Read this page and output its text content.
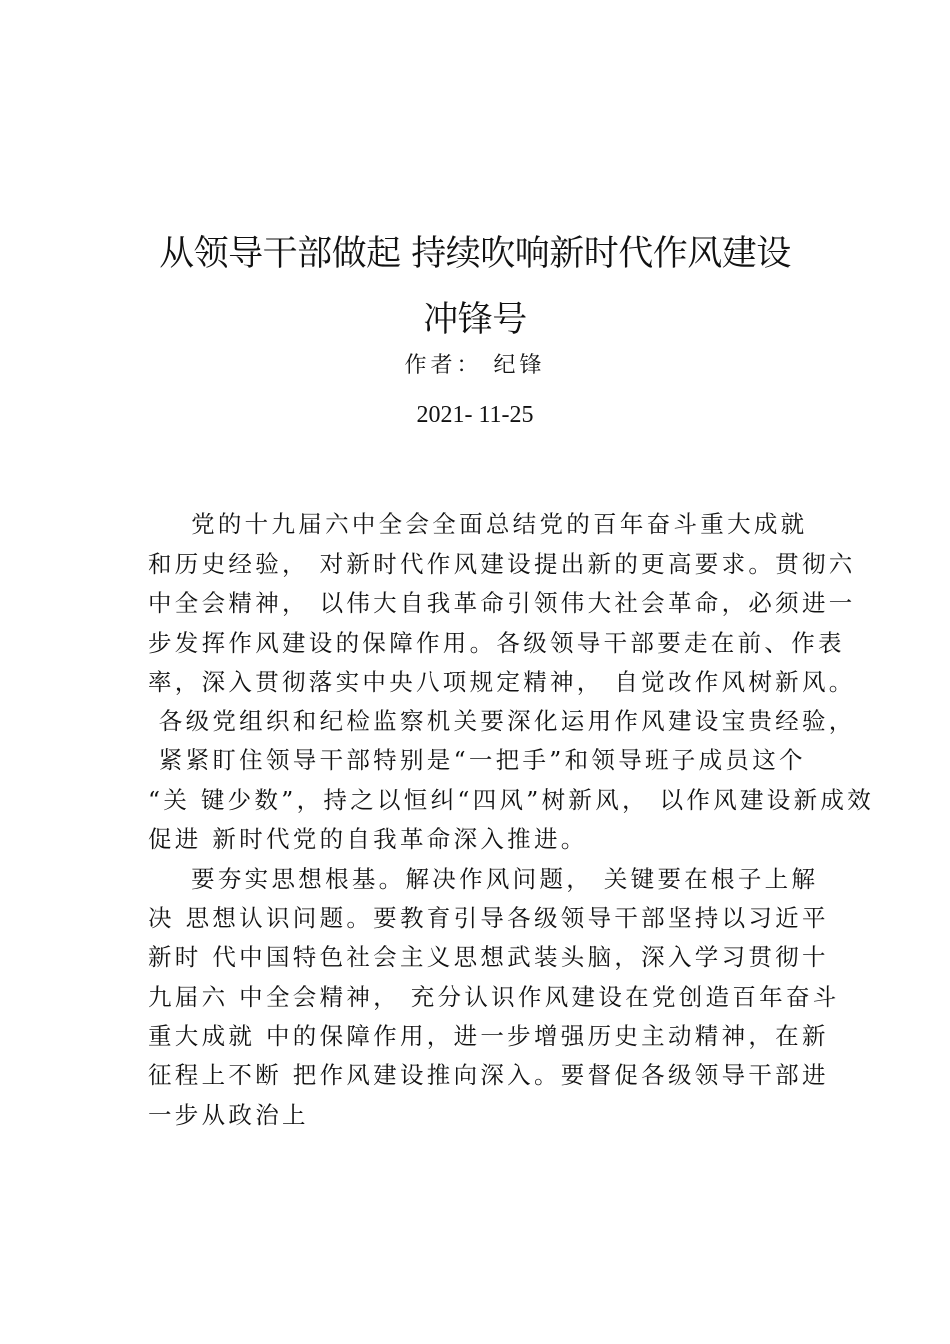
从领导干部做起 持续吹响新时代作风建设
冲锋号
作者： 纪锋
2021- 11-25
党的十九届六中全会全面总结党的百年奋斗重大成就
和历史经验， 对新时代作风建设提出新的更高要求。贯彻六
中全会精神， 以伟大自我革命引领伟大社会革命，必须进一
步发挥作风建设的保障作用。各级领导干部要走在前、作表
率，深入贯彻落实中央八项规定精神， 自觉改作风树新风。
各级党组织和纪检监察机关要深化运用作风建设宝贵经验，
紧紧盯住领导干部特别是“一把手”和领导班子成员这个
“关 键少数”，持之以恒纠“四风”树新风， 以作风建设新成效
促进 新时代党的自我革命深入推进。
要夯实思想根基。解决作风问题， 关键要在根子上解
决 思想认识问题。要教育引导各级领导干部坚持以习近平
新时 代中国特色社会主义思想武装头脑，深入学习贯彻十
九届六 中全会精神， 充分认识作风建设在党创造百年奋斗
重大成就 中的保障作用，进一步增强历史主动精神，在新
征程上不断 把作风建设推向深入。要督促各级领导干部进
一步从政治上
